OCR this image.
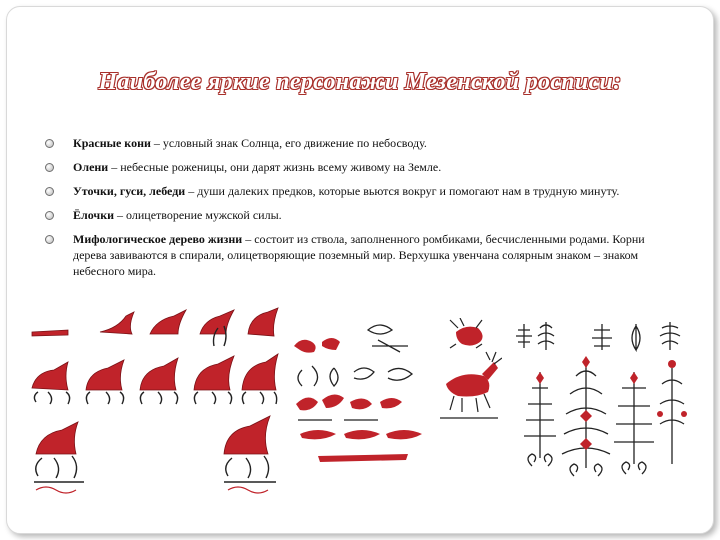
Наиболее яркие персонажи Мезенской росписи:
Красные кони – условный знак Солнца, его движение по небосводу.
Олени – небесные роженицы, они дарят жизнь всему живому на Земле.
Уточки, гуси, лебеди – души далеких предков, которые вьются вокруг и помогают нам в трудную минуту.
Ёлочки – олицетворение мужской силы.
Мифологическое дерево жизни – состоит из ствола, заполненного ромбиками, бесчисленными родами. Корни дерева завиваются в спирали, олицетворяющие поземный мир. Верхушка увенчана солярным знаком – знаком небесного мира.
